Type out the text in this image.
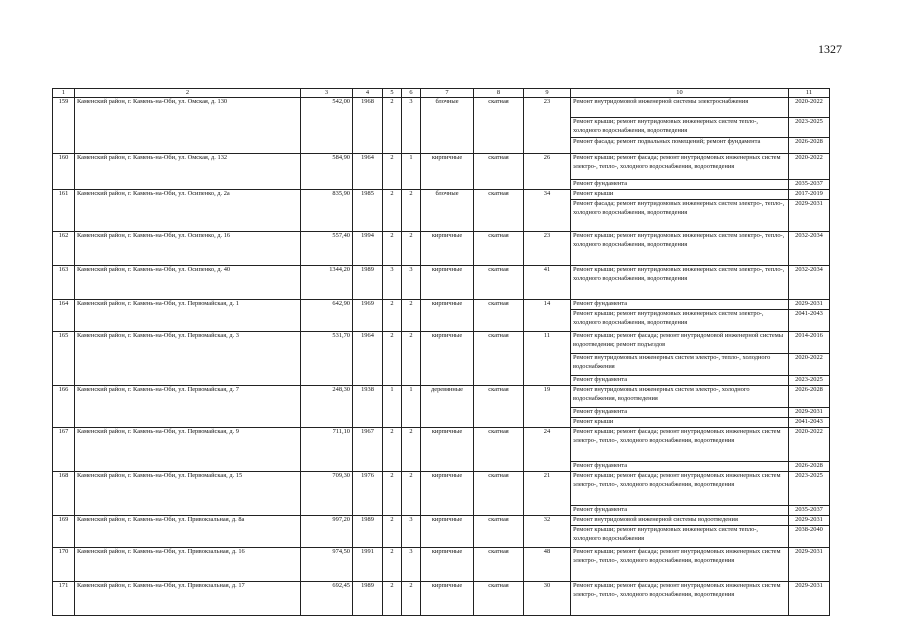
1327
1	2	3	4	5	6	7	8	9	10	11
159	Каменский район, г. Камень-на-Оби, ул. Омская, д. 130	542,00	1968	2	3	блочные	скатная	23	Ремонт внутридомовой инженерной системы электроснабжения	2020-2022
									Ремонт крыши; ремонт внутридомовых инженерных систем тепло-, холодного водоснабжения, водоотведения	2023-2025
									Ремонт фасада; ремонт подвальных помещений; ремонт фундамента	2026-2028
160	Каменский район, г. Камень-на-Оби, ул. Омская, д. 132	584,90	1964	2	1	кирпичные	скатная	26	Ремонт крыши; ремонт фасада; ремонт внутридомовых инженерных систем электро-, тепло-, холодного водоснабжения, водоотведения	2020-2022
									Ремонт фундамента	2035-2037
161	Каменский район, г. Камень-на-Оби, ул. Осипенко, д. 2а	835,90	1985	2	2	блочные	скатная	34	Ремонт крыши	2017-2019
									Ремонт фасада; ремонт внутридомовых инженерных систем электро-, тепло-, холодного водоснабжения, водоотведения	2029-2031
162	Каменский район, г. Камень-на-Оби, ул. Осипенко, д. 16	557,40	1994	2	2	кирпичные	скатная	23	Ремонт крыши; ремонт внутридомовых инженерных систем электро-, тепло-, холодного водоснабжения, водоотведения	2032-2034
163	Каменский район, г. Камень-на-Оби, ул. Осипенко, д. 40	1344,20	1989	3	3	кирпичные	скатная	41	Ремонт крыши; ремонт внутридомовых инженерных систем электро-, тепло-, холодного водоснабжения, водоотведения	2032-2034
164	Каменский район, г. Камень-на-Оби, ул. Первомайская, д. 1	642,90	1969	2	2	кирпичные	скатная	14	Ремонт фундамента	2029-2031
									Ремонт крыши; ремонт внутридомовых инженерных систем электро-, холодного водоснабжения, водоотведения	2041-2043
165	Каменский район, г. Камень-на-Оби, ул. Первомайская, д. 3	531,70	1964	2	2	кирпичные	скатная	11	Ремонт крыши; ремонт фасада; ремонт внутридомовой инженерной системы водоотведения; ремонт подъездов	2014-2016
									Ремонт внутридомовых инженерных систем электро-, тепло-, холодного водоснабжения	2020-2022
									Ремонт фундамента	2023-2025
166	Каменский район, г. Камень-на-Оби, ул. Первомайская, д. 7	248,30	1938	1	1	деревянные	скатная	19	Ремонт внутридомовых инженерных систем электро-, холодного водоснабжения, водоотведения	2026-2028
									Ремонт фундамента	2029-2031
									Ремонт крыши	2041-2043
167	Каменский район, г. Камень-на-Оби, ул. Первомайская, д. 9	711,10	1967	2	2	кирпичные	скатная	24	Ремонт крыши; ремонт фасада; ремонт внутридомовых инженерных систем электро-, тепло-, холодного водоснабжения, водоотведения	2020-2022
									Ремонт фундамента	2026-2028
168	Каменский район, г. Камень-на-Оби, ул. Первомайская, д. 15	709,30	1976	2	2	кирпичные	скатная	21	Ремонт крыши; ремонт фасада; ремонт внутридомовых инженерных систем электро-, тепло-, холодного водоснабжения, водоотведения	2023-2025
									Ремонт фундамента	2035-2037
169	Каменский район, г. Камень-на-Оби, ул. Привокзальная, д. 8а	997,20	1989	2	3	кирпичные	скатная	32	Ремонт внутридомовой инженерной системы водоотведения	2029-2031
									Ремонт крыши; ремонт внутридомовых инженерных систем тепло-, холодного водоснабжения	2038-2040
170	Каменский район, г. Камень-на-Оби, ул. Привокзальная, д. 16	974,50	1991	2	3	кирпичные	скатная	48	Ремонт крыши; ремонт фасада; ремонт внутридомовых инженерных систем электро-, тепло-, холодного водоснабжения, водоотведения	2029-2031
171	Каменский район, г. Камень-на-Оби, ул. Привокзальная, д. 17	692,45	1989	2	2	кирпичные	скатная	30	Ремонт крыши; ремонт фасада; ремонт внутридомовых инженерных систем электро-, тепло-, холодного водоснабжения, водоотведения	2029-2031
